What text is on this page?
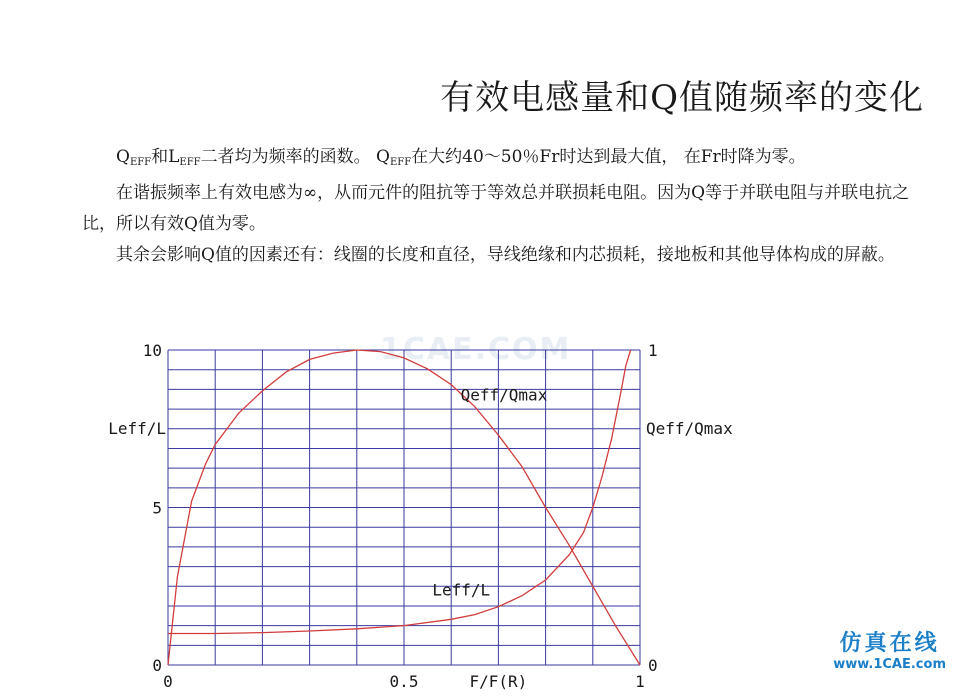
有效电感量和Q值随频率的变化

$Q_{EFF}$和$L_{EFF}$二者均为频率的函数。 $Q_{EFF}$在大约40～50％Fr时达到最大值， 在Fr时降为零。

在谐振频率上有效电感为∞，从而元件的阻抗等于等效总并联损耗电阻。因为Q等于并联电阻与并联电抗之比，所以有效Q值为零。

其余会影响Q值的因素还有：线圈的长度和直径，导线绝缘和内芯损耗，接地板和其他导体构成的屏蔽。

1CAE.COM
Qeff/Qmax
Leff/L
0
5
10
0
1
0	0.5	1
Leff/L	Qeff/Qmax
F/F(R)
仿真在线
www.1CAE.com
